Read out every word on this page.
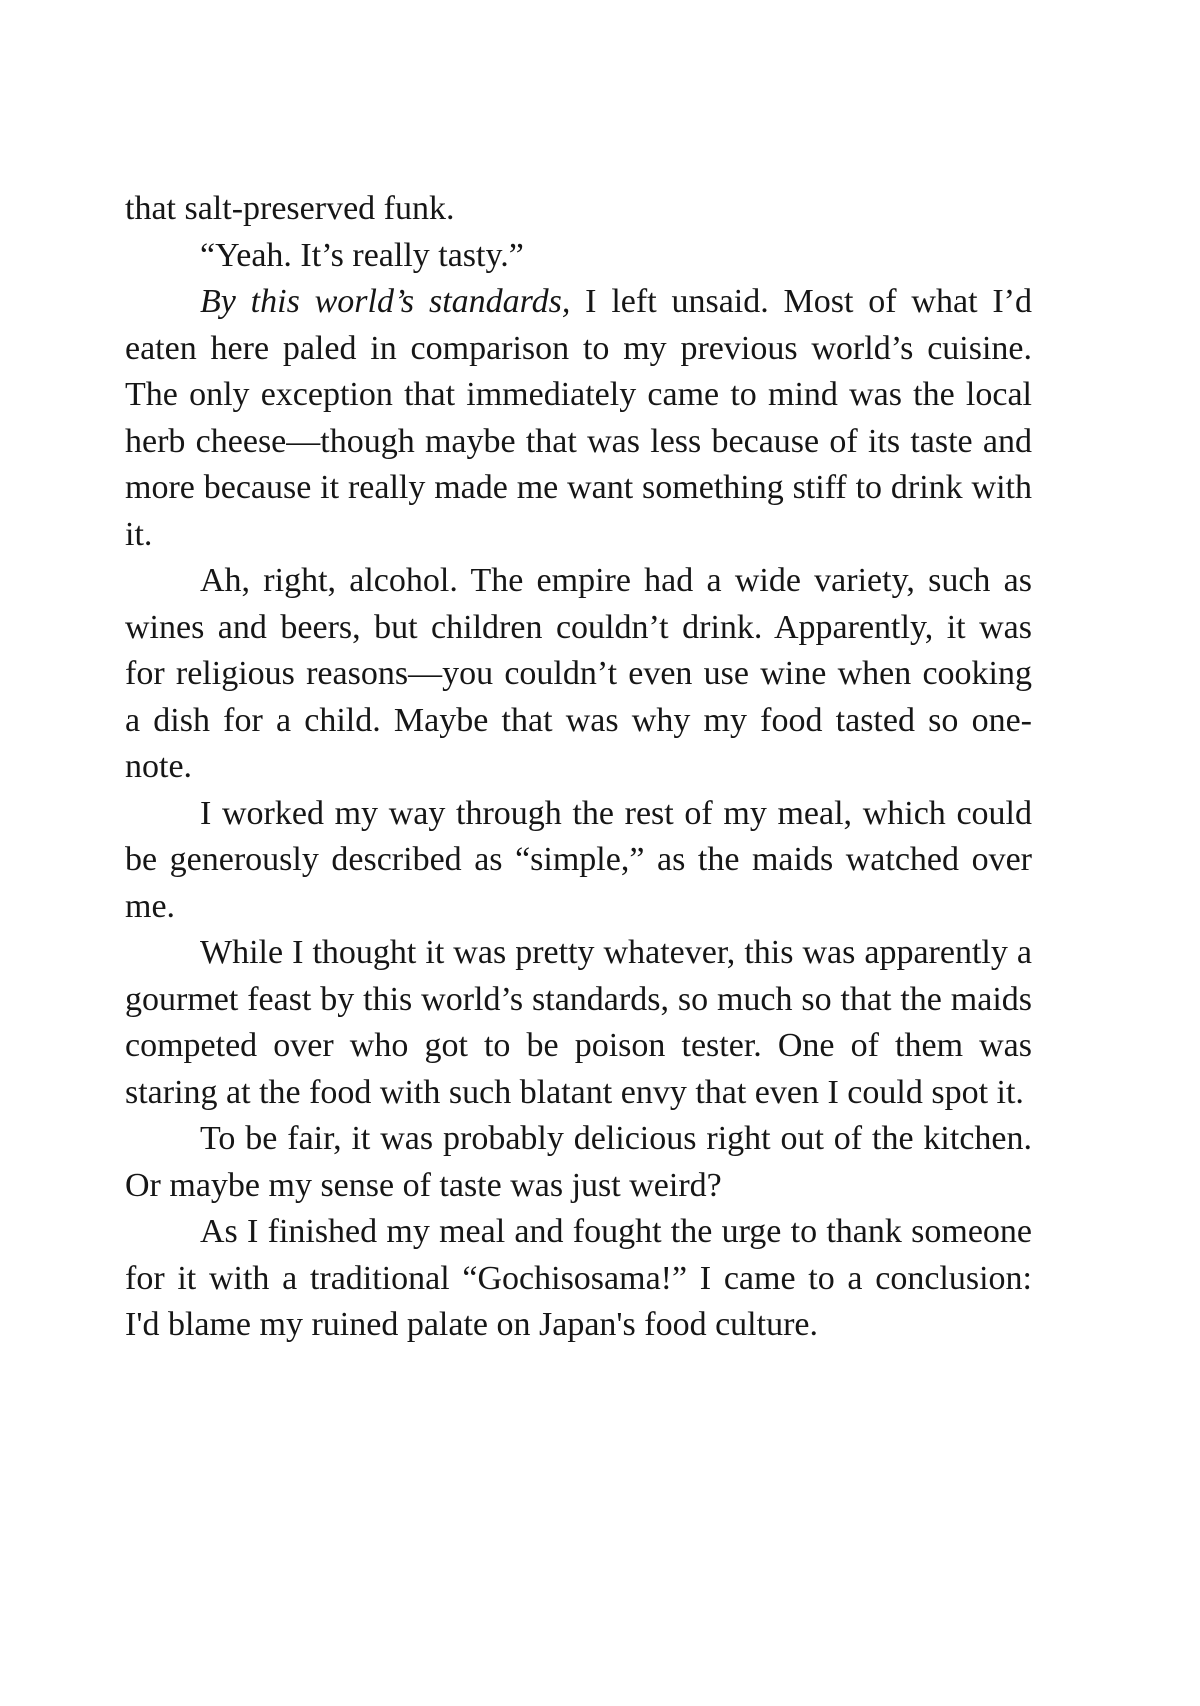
that salt-preserved funk.

“Yeah. It’s really tasty.”

By this world’s standards, I left unsaid. Most of what I’d eaten here paled in comparison to my previous world’s cuisine. The only exception that immediately came to mind was the local herb cheese—though maybe that was less because of its taste and more because it really made me want something stiff to drink with it.

Ah, right, alcohol. The empire had a wide variety, such as wines and beers, but children couldn’t drink. Apparently, it was for religious reasons—you couldn’t even use wine when cooking a dish for a child. Maybe that was why my food tasted so one-note.

I worked my way through the rest of my meal, which could be generously described as “simple,” as the maids watched over me.

While I thought it was pretty whatever, this was apparently a gourmet feast by this world’s standards, so much so that the maids competed over who got to be poison tester. One of them was staring at the food with such blatant envy that even I could spot it.

To be fair, it was probably delicious right out of the kitchen. Or maybe my sense of taste was just weird?

As I finished my meal and fought the urge to thank someone for it with a traditional “Gochisosama!” I came to a conclusion: I'd blame my ruined palate on Japan's food culture.
